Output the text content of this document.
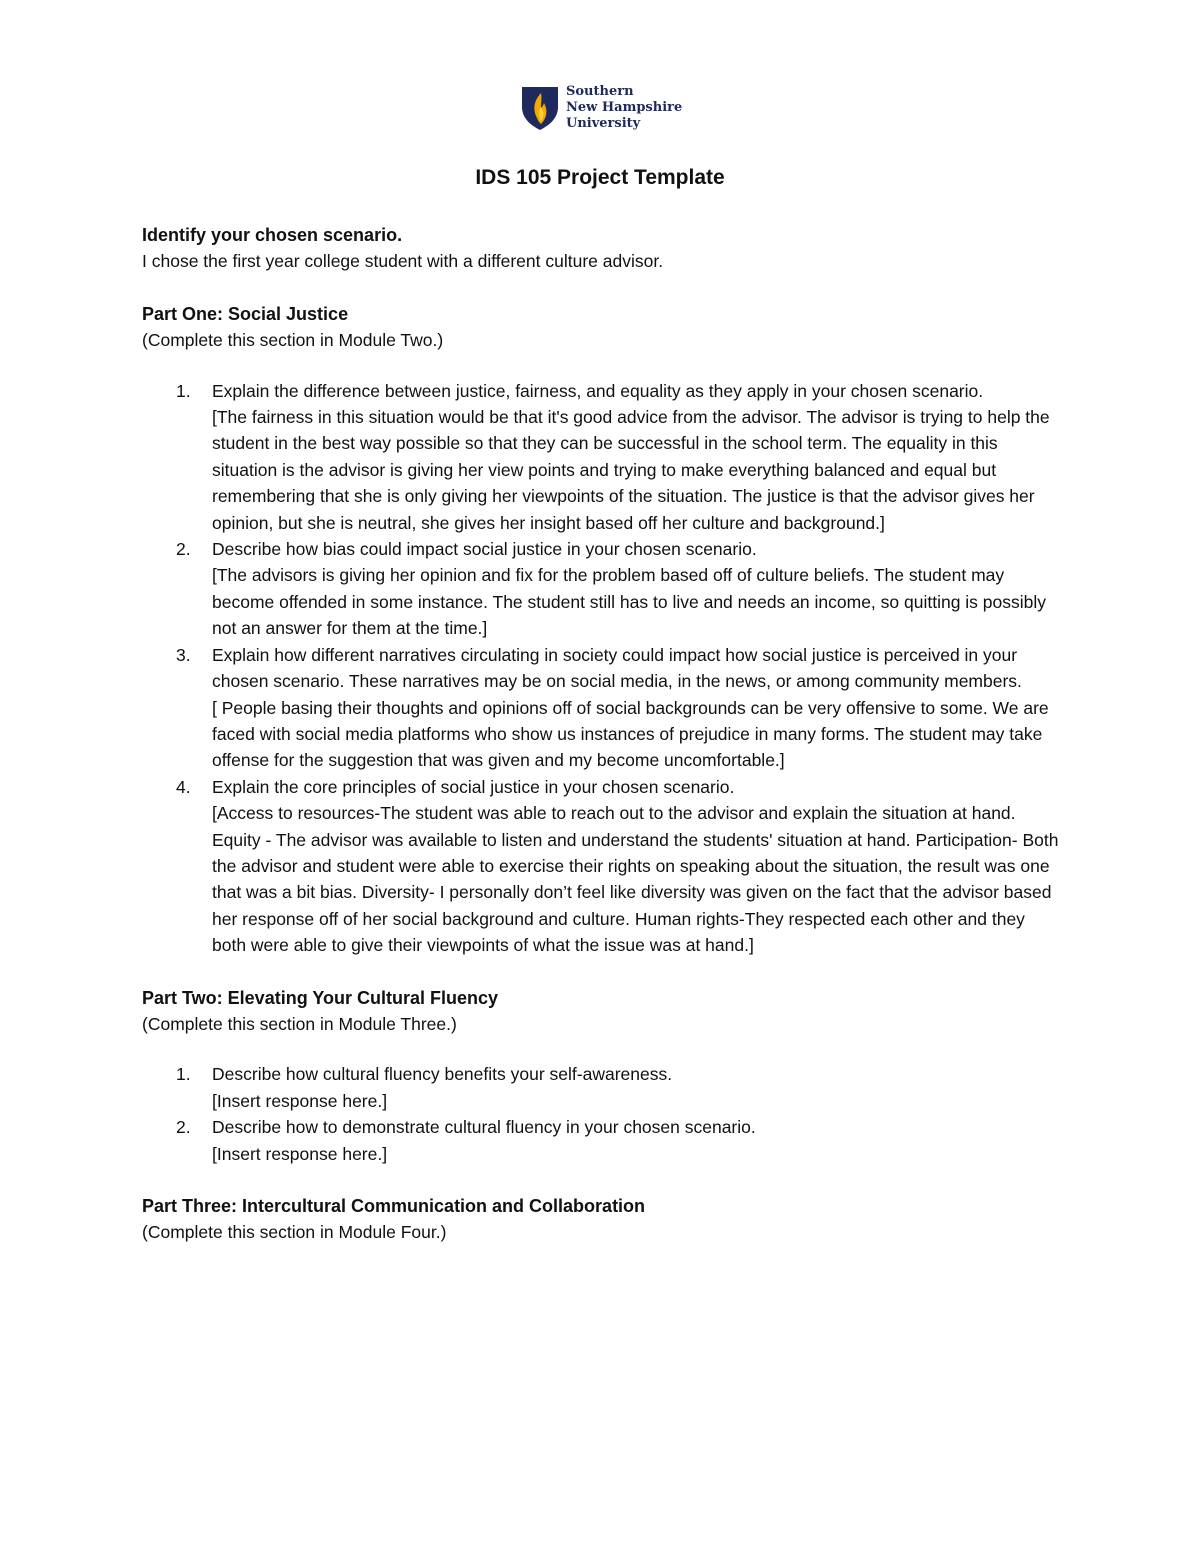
Southern
New Hampshire
University
IDS 105 Project Template

Identify your chosen scenario.

I chose the first year college student with a different culture advisor.

Part One: Social Justice

(Complete this section in Module Two.)

1. Explain the difference between justice, fairness, and equality as they apply in your chosen scenario.

[The fairness in this situation would be that it's good advice from the advisor. The advisor is trying to help the student in the best way possible so that they can be successful in the school term. The equality in this situation is the advisor is giving her view points and trying to make everything balanced and equal but remembering that she is only giving her viewpoints of the situation. The justice is that the advisor gives her opinion, but she is neutral, she gives her insight based off her culture and background.]

2. Describe how bias could impact social justice in your chosen scenario.

[The advisors is giving her opinion and fix for the problem based off of culture beliefs. The student may become offended in some instance. The student still has to live and needs an income, so quitting is possibly not an answer for them at the time.]

3. Explain how different narratives circulating in society could impact how social justice is perceived in your chosen scenario. These narratives may be on social media, in the news, or among community members.

[ People basing their thoughts and opinions off of social backgrounds can be very offensive to some. We are faced with social media platforms who show us instances of prejudice in many forms. The student may take offense for the suggestion that was given and my become uncomfortable.]

4. Explain the core principles of social justice in your chosen scenario.

[Access to resources-The student was able to reach out to the advisor and explain the situation at hand. Equity - The advisor was available to listen and understand the students' situation at hand. Participation- Both the advisor and student were able to exercise their rights on speaking about the situation, the result was one that was a bit bias. Diversity- I personally don’t feel like diversity was given on the fact that the advisor based her response off of her social background and culture. Human rights-They respected each other and they both were able to give their viewpoints of what the issue was at hand.]

Part Two: Elevating Your Cultural Fluency

(Complete this section in Module Three.)

1. Describe how cultural fluency benefits your self-awareness.

[Insert response here.]

2. Describe how to demonstrate cultural fluency in your chosen scenario.

[Insert response here.]

Part Three: Intercultural Communication and Collaboration

(Complete this section in Module Four.)
